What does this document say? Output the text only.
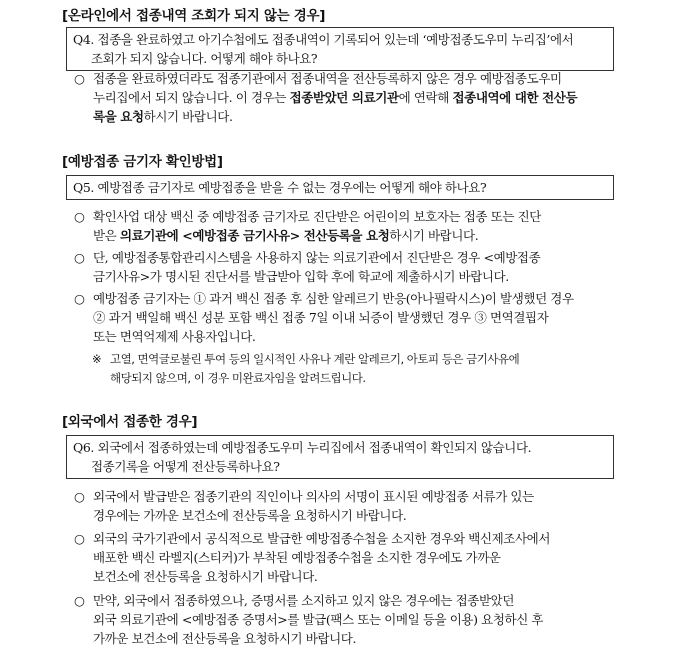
[온라인에서 접종내역 조회가 되지 않는 경우]
Q4. 접종을 완료하였고 아기수첩에도 접종내역이 기록되어 있는데 ‘예방접종도우미 누리집’에서
조회가 되지 않습니다. 어떻게 해야 하나요?
○ 접종을 완료하였더라도 접종기관에서 접종내역을 전산등록하지 않은 경우 예방접종도우미
누리집에서 되지 않습니다. 이 경우는 접종받았던 의료기관에 연락해 접종내역에 대한 전산등
록을 요청하시기 바랍니다.
[예방접종 금기자 확인방법]
Q5. 예방접종 금기자로 예방접종을 받을 수 없는 경우에는 어떻게 해야 하나요?
○ 확인사업 대상 백신 중 예방접종 금기자로 진단받은 어린이의 보호자는 접종 또는 진단
받은 의료기관에 <예방접종 금기사유> 전산등록을 요청하시기 바랍니다.
○ 단, 예방접종통합관리시스템을 사용하지 않는 의료기관에서 진단받은 경우 <예방접종
금기사유>가 명시된 진단서를 발급받아 입학 후에 학교에 제출하시기 바랍니다.
○ 예방접종 금기자는 ① 과거 백신 접종 후 심한 알레르기 반응(아나필락시스)이 발생했던 경우
② 과거 백일해 백신 성분 포함 백신 접종 7일 이내 뇌증이 발생했던 경우 ③ 면역결핍자
또는 면역억제제 사용자입니다.
※ 고열, 면역글로불린 투여 등의 일시적인 사유나 계란 알레르기, 아토피 등은 금기사유에
해당되지 않으며, 이 경우 미완료자임을 알려드립니다.
[외국에서 접종한 경우]
Q6. 외국에서 접종하였는데 예방접종도우미 누리집에서 접종내역이 확인되지 않습니다.
접종기록을 어떻게 전산등록하나요?
○ 외국에서 발급받은 접종기관의 직인이나 의사의 서명이 표시된 예방접종 서류가 있는
경우에는 가까운 보건소에 전산등록을 요청하시기 바랍니다.
○ 외국의 국가기관에서 공식적으로 발급한 예방접종수첩을 소지한 경우와 백신제조사에서
배포한 백신 라벨지(스티커)가 부착된 예방접종수첩을 소지한 경우에도 가까운
보건소에 전산등록을 요청하시기 바랍니다.
○ 만약, 외국에서 접종하였으나, 증명서를 소지하고 있지 않은 경우에는 접종받았던
외국 의료기관에 <예방접종 증명서>를 발급(팩스 또는 이메일 등을 이용) 요청하신 후
가까운 보건소에 전산등록을 요청하시기 바랍니다.
